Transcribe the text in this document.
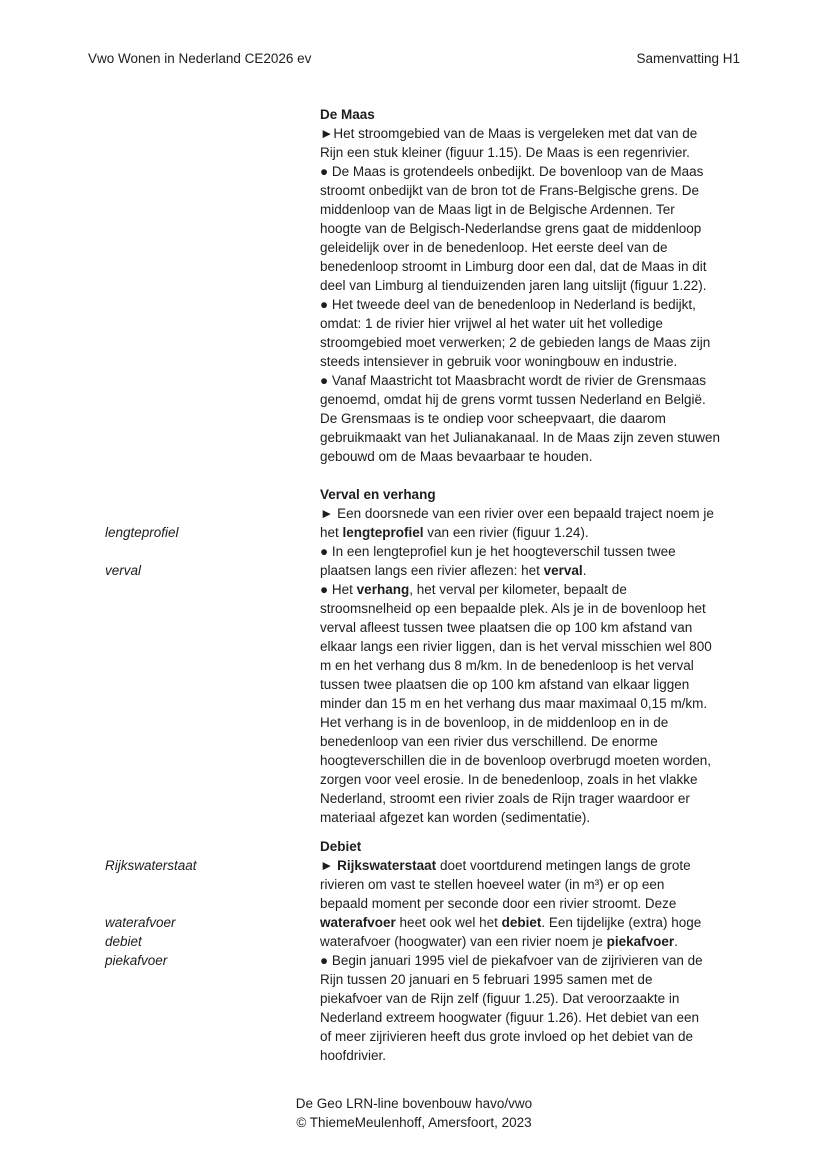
Vwo Wonen in Nederland CE2026 ev	Samenvatting H1
De Maas
►Het stroomgebied van de Maas is vergeleken met dat van de
Rijn een stuk kleiner (figuur 1.15). De Maas is een regenrivier.
● De Maas is grotendeels onbedijkt. De bovenloop van de Maas
stroomt onbedijkt van de bron tot de Frans-Belgische grens. De
middenloop van de Maas ligt in de Belgische Ardennen. Ter
hoogte van de Belgisch-Nederlandse grens gaat de middenloop
geleidelijk over in de benedenloop. Het eerste deel van de
benedenloop stroomt in Limburg door een dal, dat de Maas in dit
deel van Limburg al tienduizenden jaren lang uitslijt (figuur 1.22).
● Het tweede deel van de benedenloop in Nederland is bedijkt,
omdat: 1 de rivier hier vrijwel al het water uit het volledige
stroomgebied moet verwerken; 2 de gebieden langs de Maas zijn
steeds intensiever in gebruik voor woningbouw en industrie.
● Vanaf Maastricht tot Maasbracht wordt de rivier de Grensmaas
genoemd, omdat hij de grens vormt tussen Nederland en België.
De Grensmaas is te ondiep voor scheepvaart, die daarom
gebruikmaakt van het Julianakanaal. In de Maas zijn zeven stuwen
gebouwd om de Maas bevaarbaar te houden.
Verval en verhang
► Een doorsnede van een rivier over een bepaald traject noem je
lengteprofiel	het lengteprofiel van een rivier (figuur 1.24).
● In een lengteprofiel kun je het hoogteverschil tussen twee
verval	plaatsen langs een rivier aflezen: het verval.
● Het verhang, het verval per kilometer, bepaalt de
stroomsnelheid op een bepaalde plek. Als je in de bovenloop het
verval afleest tussen twee plaatsen die op 100 km afstand van
elkaar langs een rivier liggen, dan is het verval misschien wel 800
m en het verhang dus 8 m/km. In de benedenloop is het verval
tussen twee plaatsen die op 100 km afstand van elkaar liggen
minder dan 15 m en het verhang dus maar maximaal 0,15 m/km.
Het verhang is in de bovenloop, in de middenloop en in de
benedenloop van een rivier dus verschillend. De enorme
hoogteverschillen die in de bovenloop overbrugd moeten worden,
zorgen voor veel erosie. In de benedenloop, zoals in het vlakke
Nederland, stroomt een rivier zoals de Rijn trager waardoor er
materiaal afgezet kan worden (sedimentatie).
Debiet
Rijkswaterstaat	► Rijkswaterstaat doet voortdurend metingen langs de grote
rivieren om vast te stellen hoeveel water (in m³) er op een
bepaald moment per seconde door een rivier stroomt. Deze
waterafvoer	waterafvoer heet ook wel het debiet. Een tijdelijke (extra) hoge
debiet	waterafvoer (hoogwater) van een rivier noem je piekafvoer.
piekafvoer	● Begin januari 1995 viel de piekafvoer van de zijrivieren van de
Rijn tussen 20 januari en 5 februari 1995 samen met de
piekafvoer van de Rijn zelf (figuur 1.25). Dat veroorzaakte in
Nederland extreem hoogwater (figuur 1.26). Het debiet van een
of meer zijrivieren heeft dus grote invloed op het debiet van de
hoofdrivier.
De Geo LRN-line bovenbouw havo/vwo
© ThiemeMeulenhoff, Amersfoort, 2023
